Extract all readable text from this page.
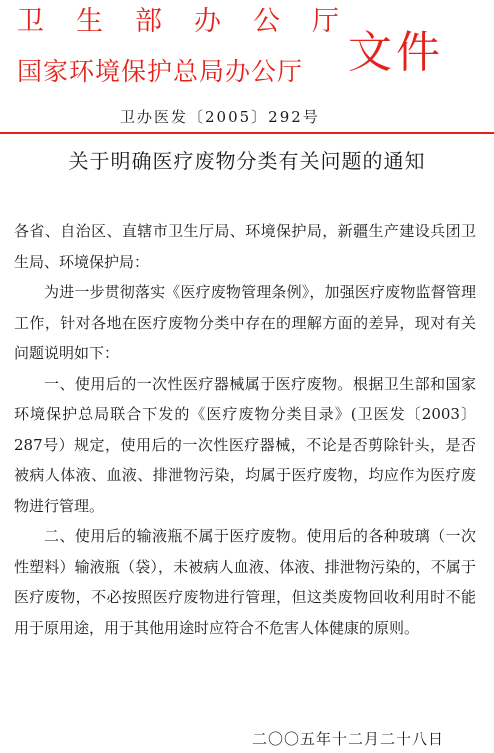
卫 生 部 办 公 厅
国家环境保护总局办公厅 文件
卫办医发〔2005〕292号
关于明确医疗废物分类有关问题的通知

各省、自治区、直辖市卫生厅局、环境保护局，新疆生产建设兵团卫生局、环境保护局：

为进一步贯彻落实《医疗废物管理条例》，加强医疗废物监督管理工作，针对各地在医疗废物分类中存在的理解方面的差异，现对有关问题说明如下：

一、使用后的一次性医疗器械属于医疗废物。根据卫生部和国家环境保护总局联合下发的《医疗废物分类目录》(卫医发〔2003〕287号）规定，使用后的一次性医疗器械，不论是否剪除针头，是否被病人体液、血液、排泄物污染，均属于医疗废物，均应作为医疗废物进行管理。

二、使用后的输液瓶不属于医疗废物。使用后的各种玻璃（一次性塑料）输液瓶（袋），未被病人血液、体液、排泄物污染的，不属于医疗废物，不必按照医疗废物进行管理，但这类废物回收利用时不能用于原用途，用于其他用途时应符合不危害人体健康的原则。

二〇〇五年十二月二十八日
